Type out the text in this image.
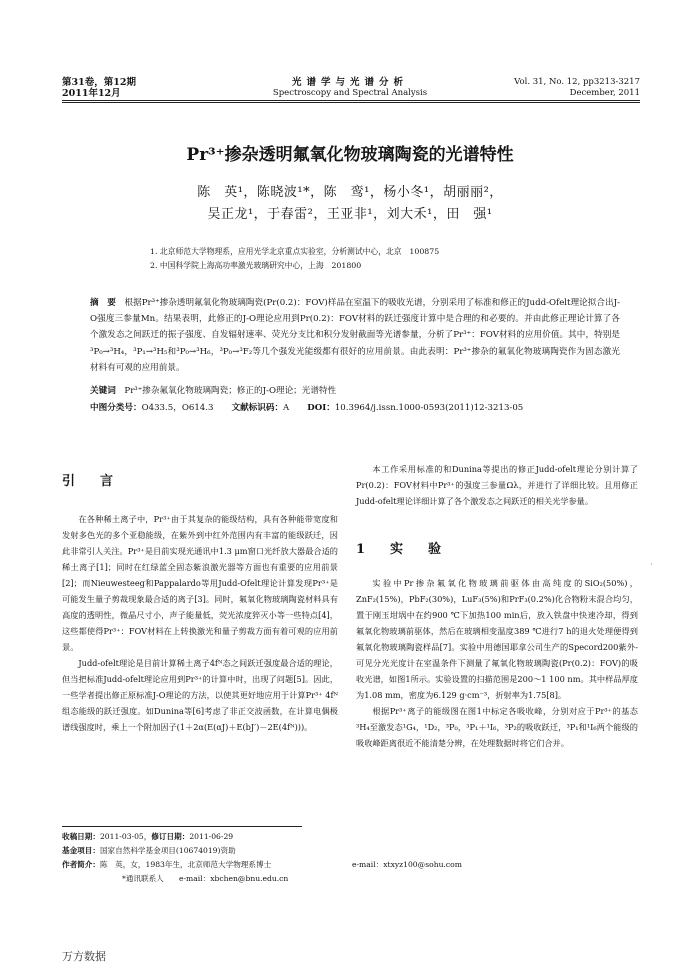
第31卷，第12期
2011年12月
光谱学与光谱分析
Spectroscopy and Spectral Analysis
Vol. 31, No. 12, pp3213-3217
December, 2011
Pr³⁺掺杂透明氟氧化物玻璃陶瓷的光谱特性
陈　英¹，陈晓波¹*，陈　鸾¹，杨小冬¹，胡丽丽²，
吴正龙¹，于春雷²，王亚非¹，刘大禾¹，田　强¹
1. 北京师范大学物理系，应用光学北京重点实验室，分析测试中心，北京　100875
2. 中国科学院上海高功率激光玻璃研究中心，上海　201800
摘　要　 根据Pr³⁺掺杂透明氟氧化物玻璃陶瓷(Pr(0.2)：FOV)样品在室温下的吸收光谱，分别采用了标准和修正的Judd-Ofelt理论拟合出J-O强度三参量Mn。结果表明，此修正的J-O理论应用到Pr(0.2)：FOV材料的跃迁强度计算中是合理的和必要的。并由此修正理论计算了各个激发态之间跃迁的振子强度、自发辐射速率、荧光分支比和积分发射截面等光谱参量，分析了Pr³⁺：FOV材料的应用价值。其中，特别是³P₀→³H₄，³P₁→³H₅和³P₀→³H₆，³P₀→³F₂等几个强发光能级都有很好的应用前景。由此表明：Pr³⁺掺杂的氟氧化物玻璃陶瓷作为固态激光材料有可观的应用前景。
关键词　 Pr³⁺掺杂氟氧化物玻璃陶瓷；修正的J-O理论；光谱特性
中图分类号：O433.5，O614.3 文献标识码：A DOI：10.3964/j.issn.1000-0593(2011)12-3213-05
引　言

在各种稀土离子中，Pr³⁺由于其复杂的能级结构，具有各种能带宽度和发射多色光的多个亚稳能级，在紫外到中红外范围内有丰富的能级跃迁，因此非常引人关注。Pr³⁺是目前实现光通讯中1.3 μm窗口光纤放大器最合适的稀土离子[1]；同时在红绿蓝全固态紫浪激光器等方面也有重要的应用前景[2]；而Nieuwesteeg和Pappalardo等用Judd-Ofelt理论计算发现Pr³⁺是可能发生量子剪裁现象最合适的离子[3]。同时，氟氧化物玻璃陶瓷材料具有高度的透明性，微晶尺寸小，声子能量低，荧光浓度猝灭小等一些特点[4]，这些都使得Pr³⁺：FOV材料在上转换激光和量子剪裁方面有着可观的应用前景。

Judd-ofelt理论是目前计算稀土离子4fᴺ态之间跃迁强度最合适的理论，但当把标准Judd-ofelt理论应用到Pr³⁺的计算中时，出现了问题[5]。因此，一些学者提出修正原标准J-O理论的方法，以使其更好地应用于计算Pr³⁺ 4fᴺ组态能级的跃迁强度。如Dunina等[6]考虑了非正交波函数，在计算电偶极谱线强度时，乘上一个附加因子(1＋2α(E(αJ)＋E(bJ′)－2E(4fᴺ)))。

本工作采用标准的和Dunina等提出的修正Judd-ofelt理论分别计算了Pr(0.2)：FOV材料中Pr³⁺的强度三参量Ωλ，并进行了详细比较。且用修正Judd-ofelt理论详细计算了各个激发态之间跃迁的相关光学参量。

1　实　验

实验中Pr掺杂氟氧化物玻璃前驱体由高纯度的SiO₂(50%)，ZnF₂(15%)，PbF₂(30%)，LuF₃(5%)和PrF₃(0.2%)化合物粉末混合均匀，置于刚玉坩埚中在约900 ℃下加热100 min后，放入铁盘中快速冷却，得到氟氧化物玻璃前驱体，然后在玻璃相变温度389 ℃进行7 h的退火处理便得到氟氧化物玻璃陶瓷样品[7]。实验中用德国耶拿公司生产的Specord200紫外-可见分光光度计在室温条件下测量了氟氧化物玻璃陶瓷(Pr(0.2)：FOV)的吸收光谱，如图1所示。实验设置的扫描范围是200～1 100 nm。其中样品厚度为1.08 mm，密度为6.129 g·cm⁻³，折射率为1.75[8]。

根据Pr³⁺离子的能级图在图1中标定各吸收峰，分别对应于Pr³⁺的基态³H₄至激发态¹G₄，¹D₂，³P₀，³P₁＋¹I₆，³P₂的吸收跃迁，³P₁和¹I₆两个能级的吸收峰距离很近不能清楚分辨，在处理数据时将它们合并。

收稿日期：2011-03-05，修订日期：2011-06-29
基金项目：国家自然科学基金项目(10674019)资助
作者简介：陈　英，女，1983年生，北京师范大学物理系博士	e-mail：xtxyz100@sohu.com
*通讯联系人　　 e-mail：xbchen@bnu.edu.cn
万方数据
·
